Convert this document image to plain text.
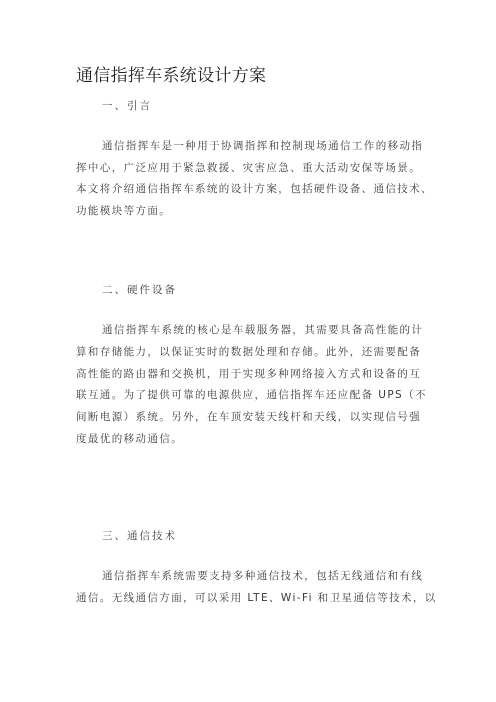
通信指挥车系统设计方案
一、引言
通信指挥车是一种用于协调指挥和控制现场通信工作的移动指
挥中心，广泛应用于紧急救援、灾害应急、重大活动安保等场景。
本文将介绍通信指挥车系统的设计方案，包括硬件设备、通信技术、
功能模块等方面。
二、硬件设备
通信指挥车系统的核心是车载服务器，其需要具备高性能的计
算和存储能力，以保证实时的数据处理和存储。此外，还需要配备
高性能的路由器和交换机，用于实现多种网络接入方式和设备的互
联互通。为了提供可靠的电源供应，通信指挥车还应配备 UPS（不
间断电源）系统。另外，在车顶安装天线杆和天线，以实现信号强
度最优的移动通信。
三、通信技术
通信指挥车系统需要支持多种通信技术，包括无线通信和有线
通信。无线通信方面，可以采用 LTE、Wi-Fi 和卫星通信等技术，以
